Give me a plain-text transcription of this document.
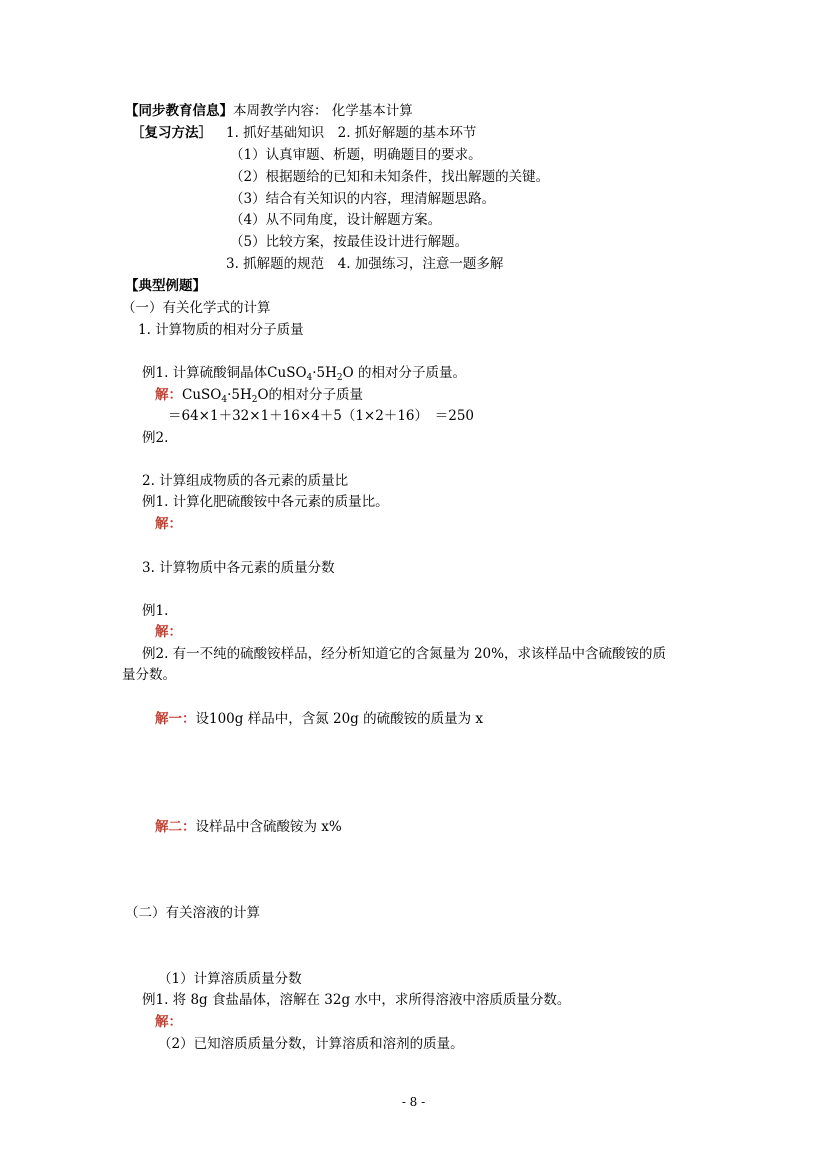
【同步教育信息】本周教学内容： 化学基本计算
［复习方法］ 1. 抓好基础知识　2. 抓好解题的基本环节
（1）认真审题、析题，明确题目的要求。
（2）根据题给的已知和未知条件，找出解题的关键。
（3）结合有关知识的内容，理清解题思路。
（4）从不同角度，设计解题方案。
（5）比较方案，按最佳设计进行解题。
3. 抓解题的规范　4. 加强练习，注意一题多解
【典型例题】
（一）有关化学式的计算
1. 计算物质的相对分子质量
例1. 计算硫酸铜晶体$CuSO_4\cdot 5H_2O$ 的相对分子质量。
解：$CuSO_4\cdot 5H_2O$的相对分子质量
＝64×1＋32×1＋16×4＋5（1×2＋16）　＝250
例2.
2. 计算组成物质的各元素的质量比
例1. 计算化肥硫酸铵中各元素的质量比。
解：
3. 计算物质中各元素的质量分数
例1.
解：
例2. 有一不纯的硫酸铵样品，经分析知道它的含氮量为 20%，求该样品中含硫酸铵的质
量分数。
解一：设100g 样品中，含氮 20g 的硫酸铵的质量为 x
解二：设样品中含硫酸铵为 x%
（二）有关溶液的计算
（1）计算溶质质量分数
例1. 将 8g 食盐晶体，溶解在 32g 水中，求所得溶液中溶质质量分数。
解：
（2）已知溶质质量分数，计算溶质和溶剂的质量。
- 8 -
